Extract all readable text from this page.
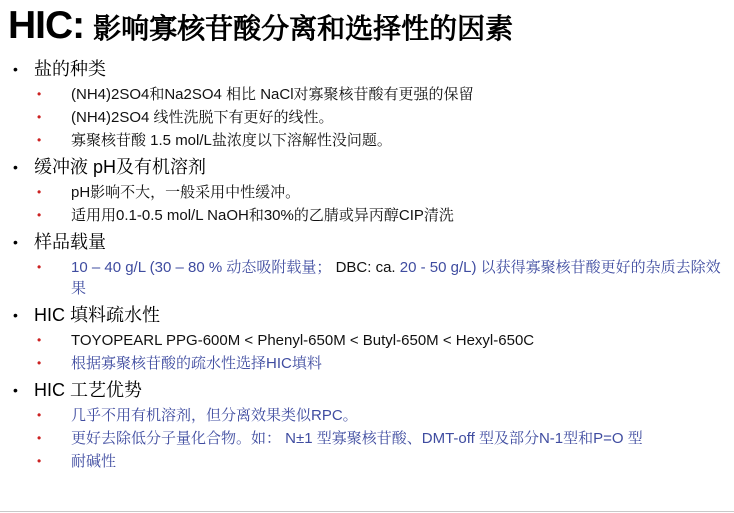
HIC: 影响寡核苷酸分离和选择性的因素
• 盐的种类
•	(NH4)2SO4和Na2SO4 相比 NaCl对寡聚核苷酸有更强的保留
•	(NH4)2SO4 线性洗脱下有更好的线性。
•	寡聚核苷酸 1.5 mol/L盐浓度以下溶解性没问题。
• 缓冲液 pH及有机溶剂
•	pH影响不大，一般采用中性缓冲。
•	适用用0.1-0.5 mol/L NaOH和30%的乙腈或异丙醇CIP清洗
• 样品载量
•	10 – 40 g/L (30 – 80 % 动态吸附载量； DBC: ca. 20 - 50 g/L) 以获得寡聚核苷酸更好的杂质去除效果
• HIC 填料疏水性
•	TOYOPEARL PPG-600M < Phenyl-650M < Butyl-650M < Hexyl-650C
•	根据寡聚核苷酸的疏水性选择HIC填料
• HIC 工艺优势
•	几乎不用有机溶剂，但分离效果类似RPC。
•	更好去除低分子量化合物。如： N±1 型寡聚核苷酸、DMT-off 型及部分N-1型和P=O 型
•	耐碱性
